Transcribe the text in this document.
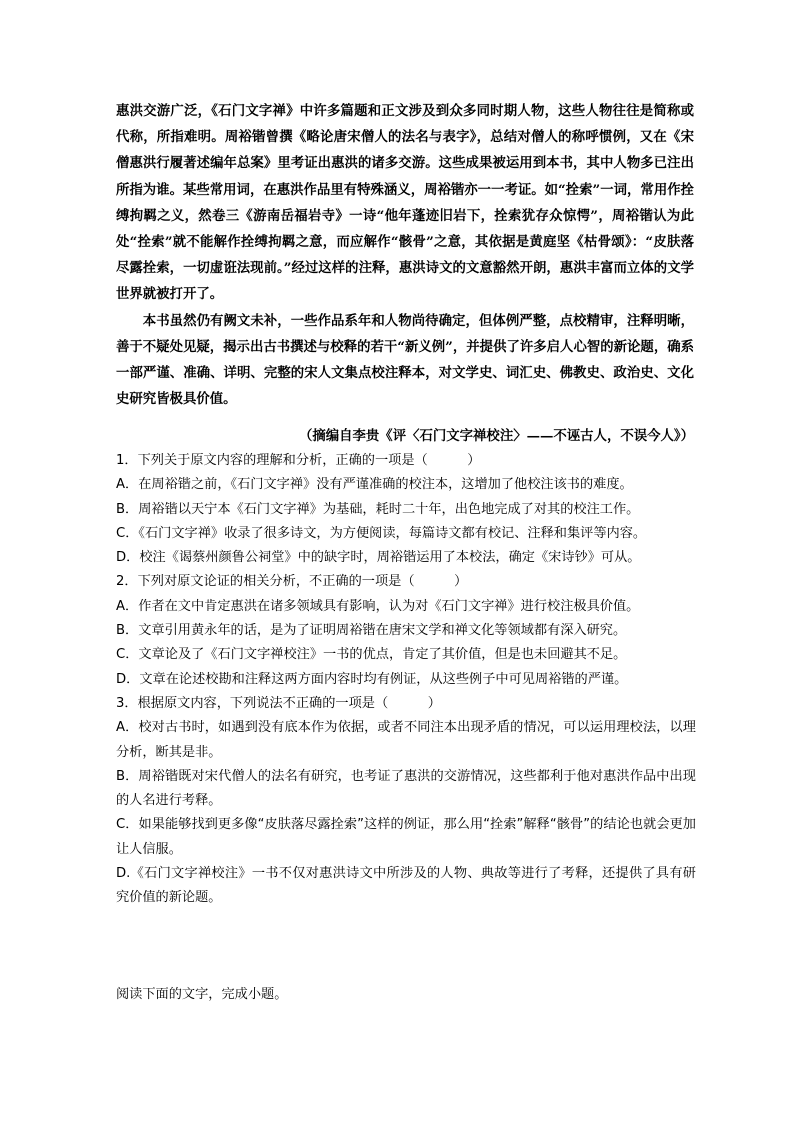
惠洪交游广泛，《石门文字禅》中许多篇题和正文涉及到众多同时期人物，这些人物往往是简称或代称，所指难明。周裕锴曾撰《略论唐宋僧人的法名与表字》，总结对僧人的称呼惯例，又在《宋僧惠洪行履著述编年总案》里考证出惠洪的诸多交游。这些成果被运用到本书，其中人物多已注出所指为谁。某些常用词，在惠洪作品里有特殊涵义，周裕锴亦一一考证。如“拴索”一词，常用作拴缚拘羁之义，然卷三《游南岳福岩寺》一诗“他年蓬迹旧岩下，拴索犹存众惊愕”，周裕锴认为此处“拴索”就不能解作拴缚拘羁之意，而应解作“骸骨”之意，其依据是黄庭坚《枯骨颂》：“皮肤落尽露拴索，一切虚诳法现前。”经过这样的注释，惠洪诗文的文意豁然开朗，惠洪丰富而立体的文学世界就被打开了。

本书虽然仍有阙文未补，一些作品系年和人物尚待确定，但体例严整，点校精审，注释明晰，善于不疑处见疑，揭示出古书撰述与校释的若干“新义例”，并提供了许多启人心智的新论题，确系一部严谨、准确、详明、完整的宋人文集点校注释本，对文学史、词汇史、佛教史、政治史、文化史研究皆极具价值。

（摘编自李贵《评〈石门文字禅校注〉——不诬古人，不误今人》）

1．下列关于原文内容的理解和分析，正确的一项是（　　　）

A．在周裕锴之前，《石门文字禅》没有严谨准确的校注本，这增加了他校注该书的难度。

B．周裕锴以天宁本《石门文字禅》为基础，耗时二十年，出色地完成了对其的校注工作。

C．《石门文字禅》收录了很多诗文，为方便阅读，每篇诗文都有校记、注释和集评等内容。

D．校注《谒蔡州颜鲁公祠堂》中的缺字时，周裕锴运用了本校法，确定《宋诗钞》可从。

2．下列对原文论证的相关分析，不正确的一项是（　　　）

A．作者在文中肯定惠洪在诸多领域具有影响，认为对《石门文字禅》进行校注极具价值。

B．文章引用黄永年的话，是为了证明周裕锴在唐宋文学和禅文化等领域都有深入研究。

C．文章论及了《石门文字禅校注》一书的优点，肯定了其价值，但是也未回避其不足。

D．文章在论述校勘和注释这两方面内容时均有例证，从这些例子中可见周裕锴的严谨。

3．根据原文内容，下列说法不正确的一项是（　　　）

A．校对古书时，如遇到没有底本作为依据，或者不同注本出现矛盾的情况，可以运用理校法，以理分析，断其是非。

B．周裕锴既对宋代僧人的法名有研究，也考证了惠洪的交游情况，这些都利于他对惠洪作品中出现的人名进行考释。

C．如果能够找到更多像“皮肤落尽露拴索”这样的例证，那么用“拴索”解释“骸骨”的结论也就会更加让人信服。

D.《石门文字禅校注》一书不仅对惠洪诗文中所涉及的人物、典故等进行了考释，还提供了具有研究价值的新论题。

阅读下面的文字，完成小题。
